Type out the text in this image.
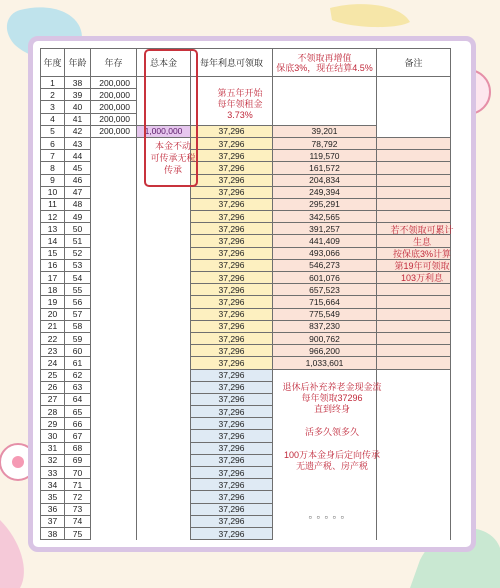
年度	年龄	年存	总本金	每年利息可领取	不领取再增值
保底3%，现在结算4.5%	备注
1	38	200,000				
2	39	200,000				
3	40	200,000				
4	41	200,000				
5	42	200,000	1,000,000	37,296	39,201	
6	43			37,296	78,792	
7	44			37,296	119,570	
8	45			37,296	161,572	
9	46			37,296	204,834	
10	47			37,296	249,394	
11	48			37,296	295,291	
12	49			37,296	342,565	
13	50			37,296	391,257	
14	51			37,296	441,409	
15	52			37,296	493,066	
16	53			37,296	546,273	
17	54			37,296	601,076	
18	55			37,296	657,523	
19	56			37,296	715,664	
20	57			37,296	775,549	
21	58			37,296	837,230	
22	59			37,296	900,762	
23	60			37,296	966,200	
24	61			37,296	1,033,601	
25	62			37,296		
26	63			37,296		
27	64			37,296		
28	65			37,296		
29	66			37,296		
30	67			37,296		
31	68			37,296		
32	69			37,296		
33	70			37,296		
34	71			37,296		
35	72			37,296		
36	73			37,296		
37	74			37,296		
38	75			37,296		
本金不动
可传承无税
传承
第五年开始
每年领租金
3.73%
若不领取可累计
生息
按保底3%计算
第19年可领取
103万利息

退休后补充养老金现金流
每年领取37296
直到终身

活多久领多久

100万本金身后定向传承
无遗产税、房产税

。。。。。
